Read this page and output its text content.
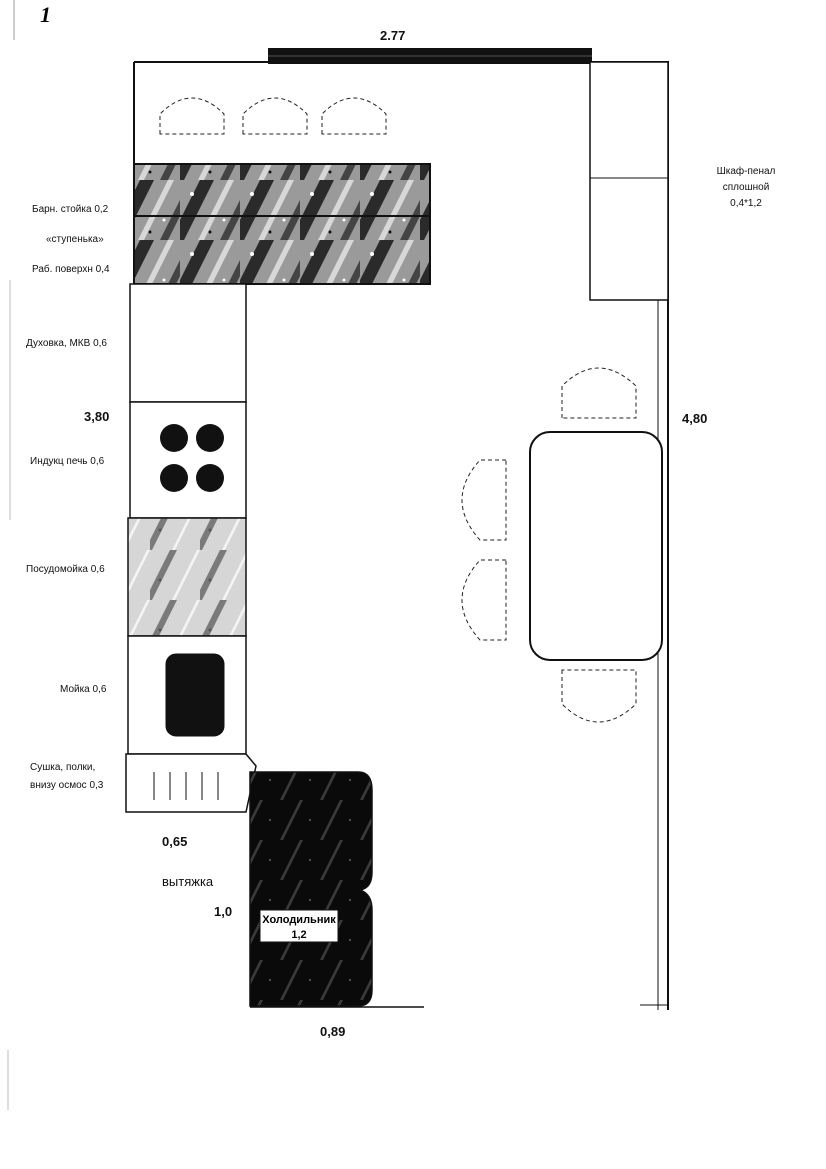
1
2.77
Шкаф-пенал
сплошной
0,4*1,2
Барн. стойка 0,2
«ступенька»
Раб. поверхн 0,4
Духовка, МКВ 0,6
3,80
Индукц печь 0,6
Посудомойка 0,6
Мойка 0,6
Сушка, полки,
внизу осмос 0,3
0,65
вытяжка
1,0
Холодильник
1,2
0,89
4,80
